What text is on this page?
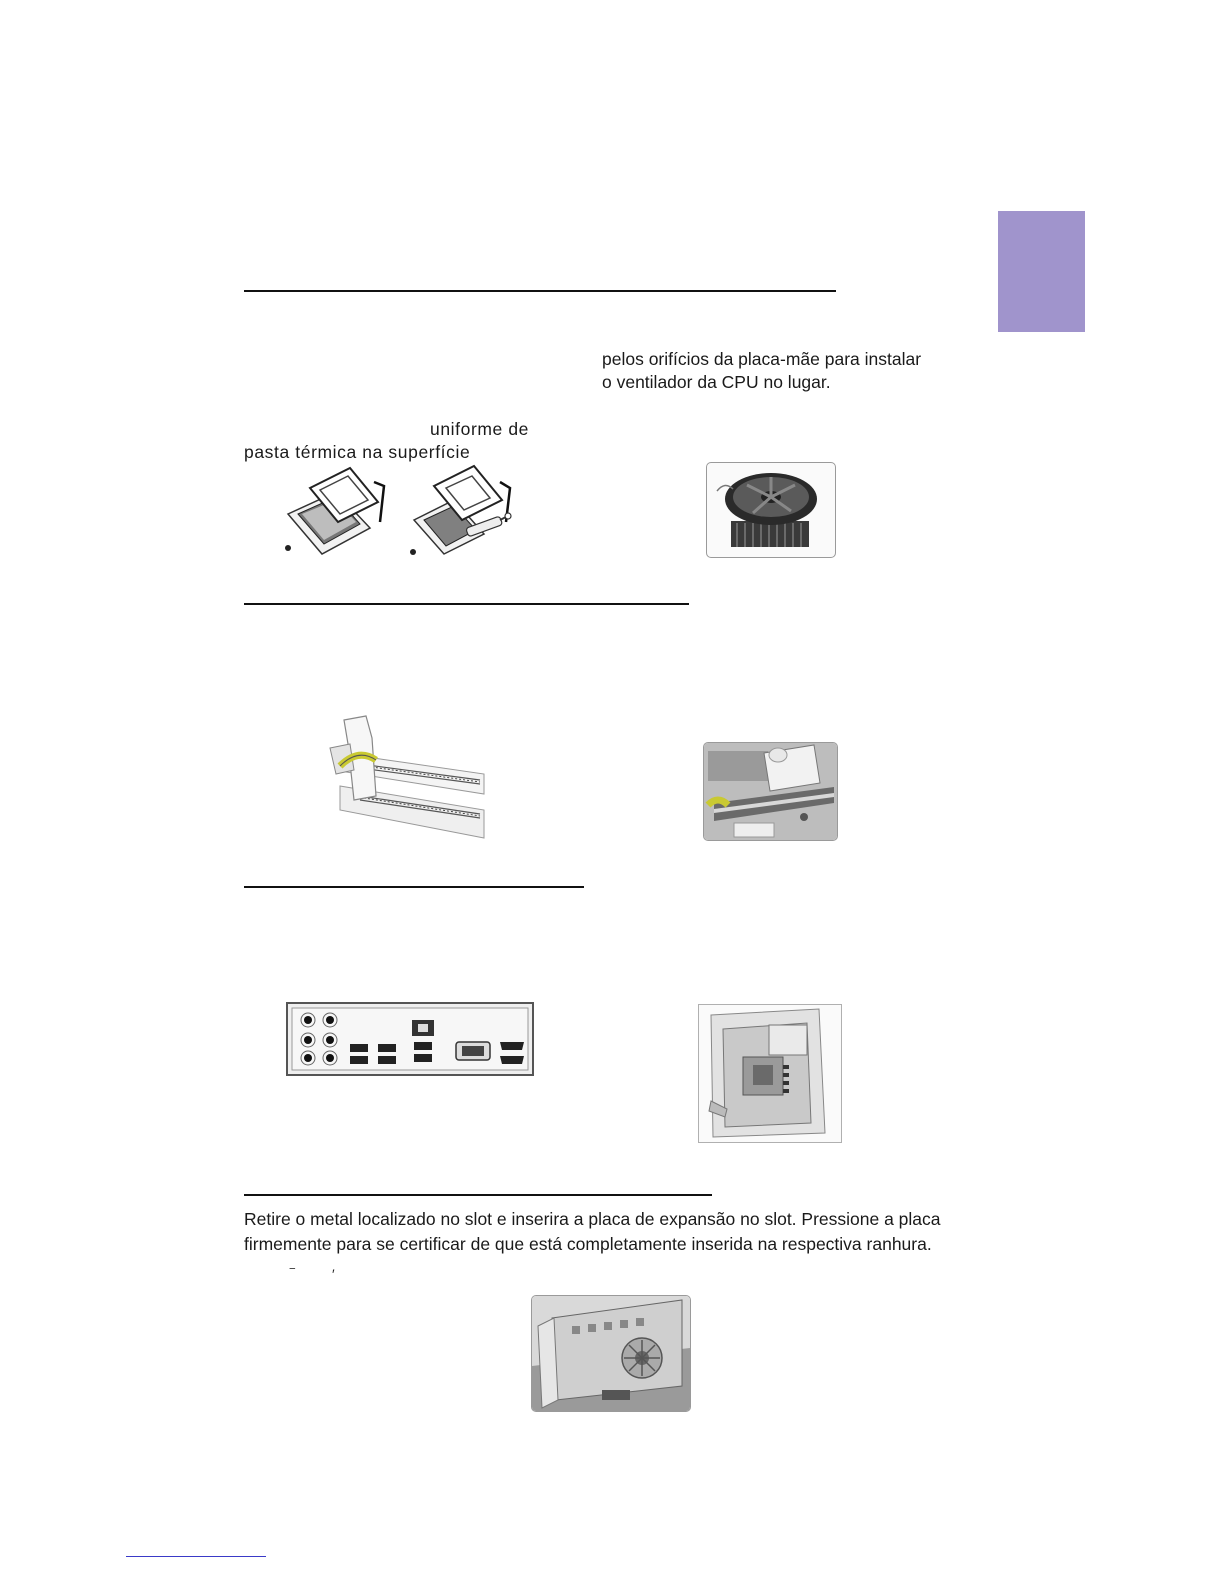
pelos orifícios da placa-mãe para instalar
o ventilador da CPU no lugar.
uniforme de
pasta térmica na superfície
Retire o metal localizado no slot e inserira a placa de expansão no slot. Pressione a placa
firmemente para se certificar de que está completamente inserida na respectiva ranhura.
‾	′
